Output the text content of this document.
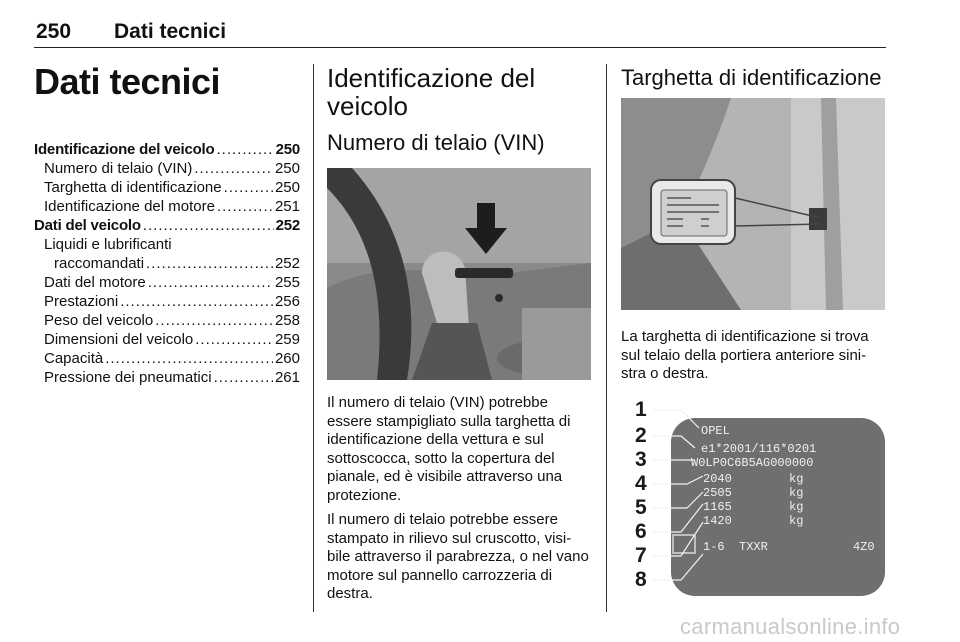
250 Dati tecnici
Dati tecnici
Identificazione del veicolo .....	250
Numero di telaio (VIN) .....	250
Targhetta di identificazione .....	250
Identificazione del motore .....	251
Dati del veicolo .....	252
Liquidi e lubrificanti
raccomandati .....	252
Dati del motore .....	255
Prestazioni .....	256
Peso del veicolo .....	258
Dimensioni del veicolo .....	259
Capacità .....	260
Pressione dei pneumatici .....	261
Identificazione del
veicolo
Numero di telaio (VIN)

Il numero di telaio (VIN) potrebbe essere stampigliato sulla targhetta di identificazione della vettura e sul sottoscocca, sotto la copertura del pianale, ed è visibile attraverso una protezione.

Il numero di telaio potrebbe essere stampato in rilievo sul cruscotto, visi-bile attraverso il parabrezza, o nel vano motore sul pannello carrozzeria di destra.

Targhetta di identificazione

La targhetta di identificazione si trova sul telaio della portiera anteriore sini-stra o destra.

1
2
3
4
5
6
7
8
OPEL
e1*2001/116*0201
W0LP0C6B5AG000000
2040
2505
1165
1420
kg
kg
kg
kg
1-6 TXXR	4Z0
carmanualsonline.info
